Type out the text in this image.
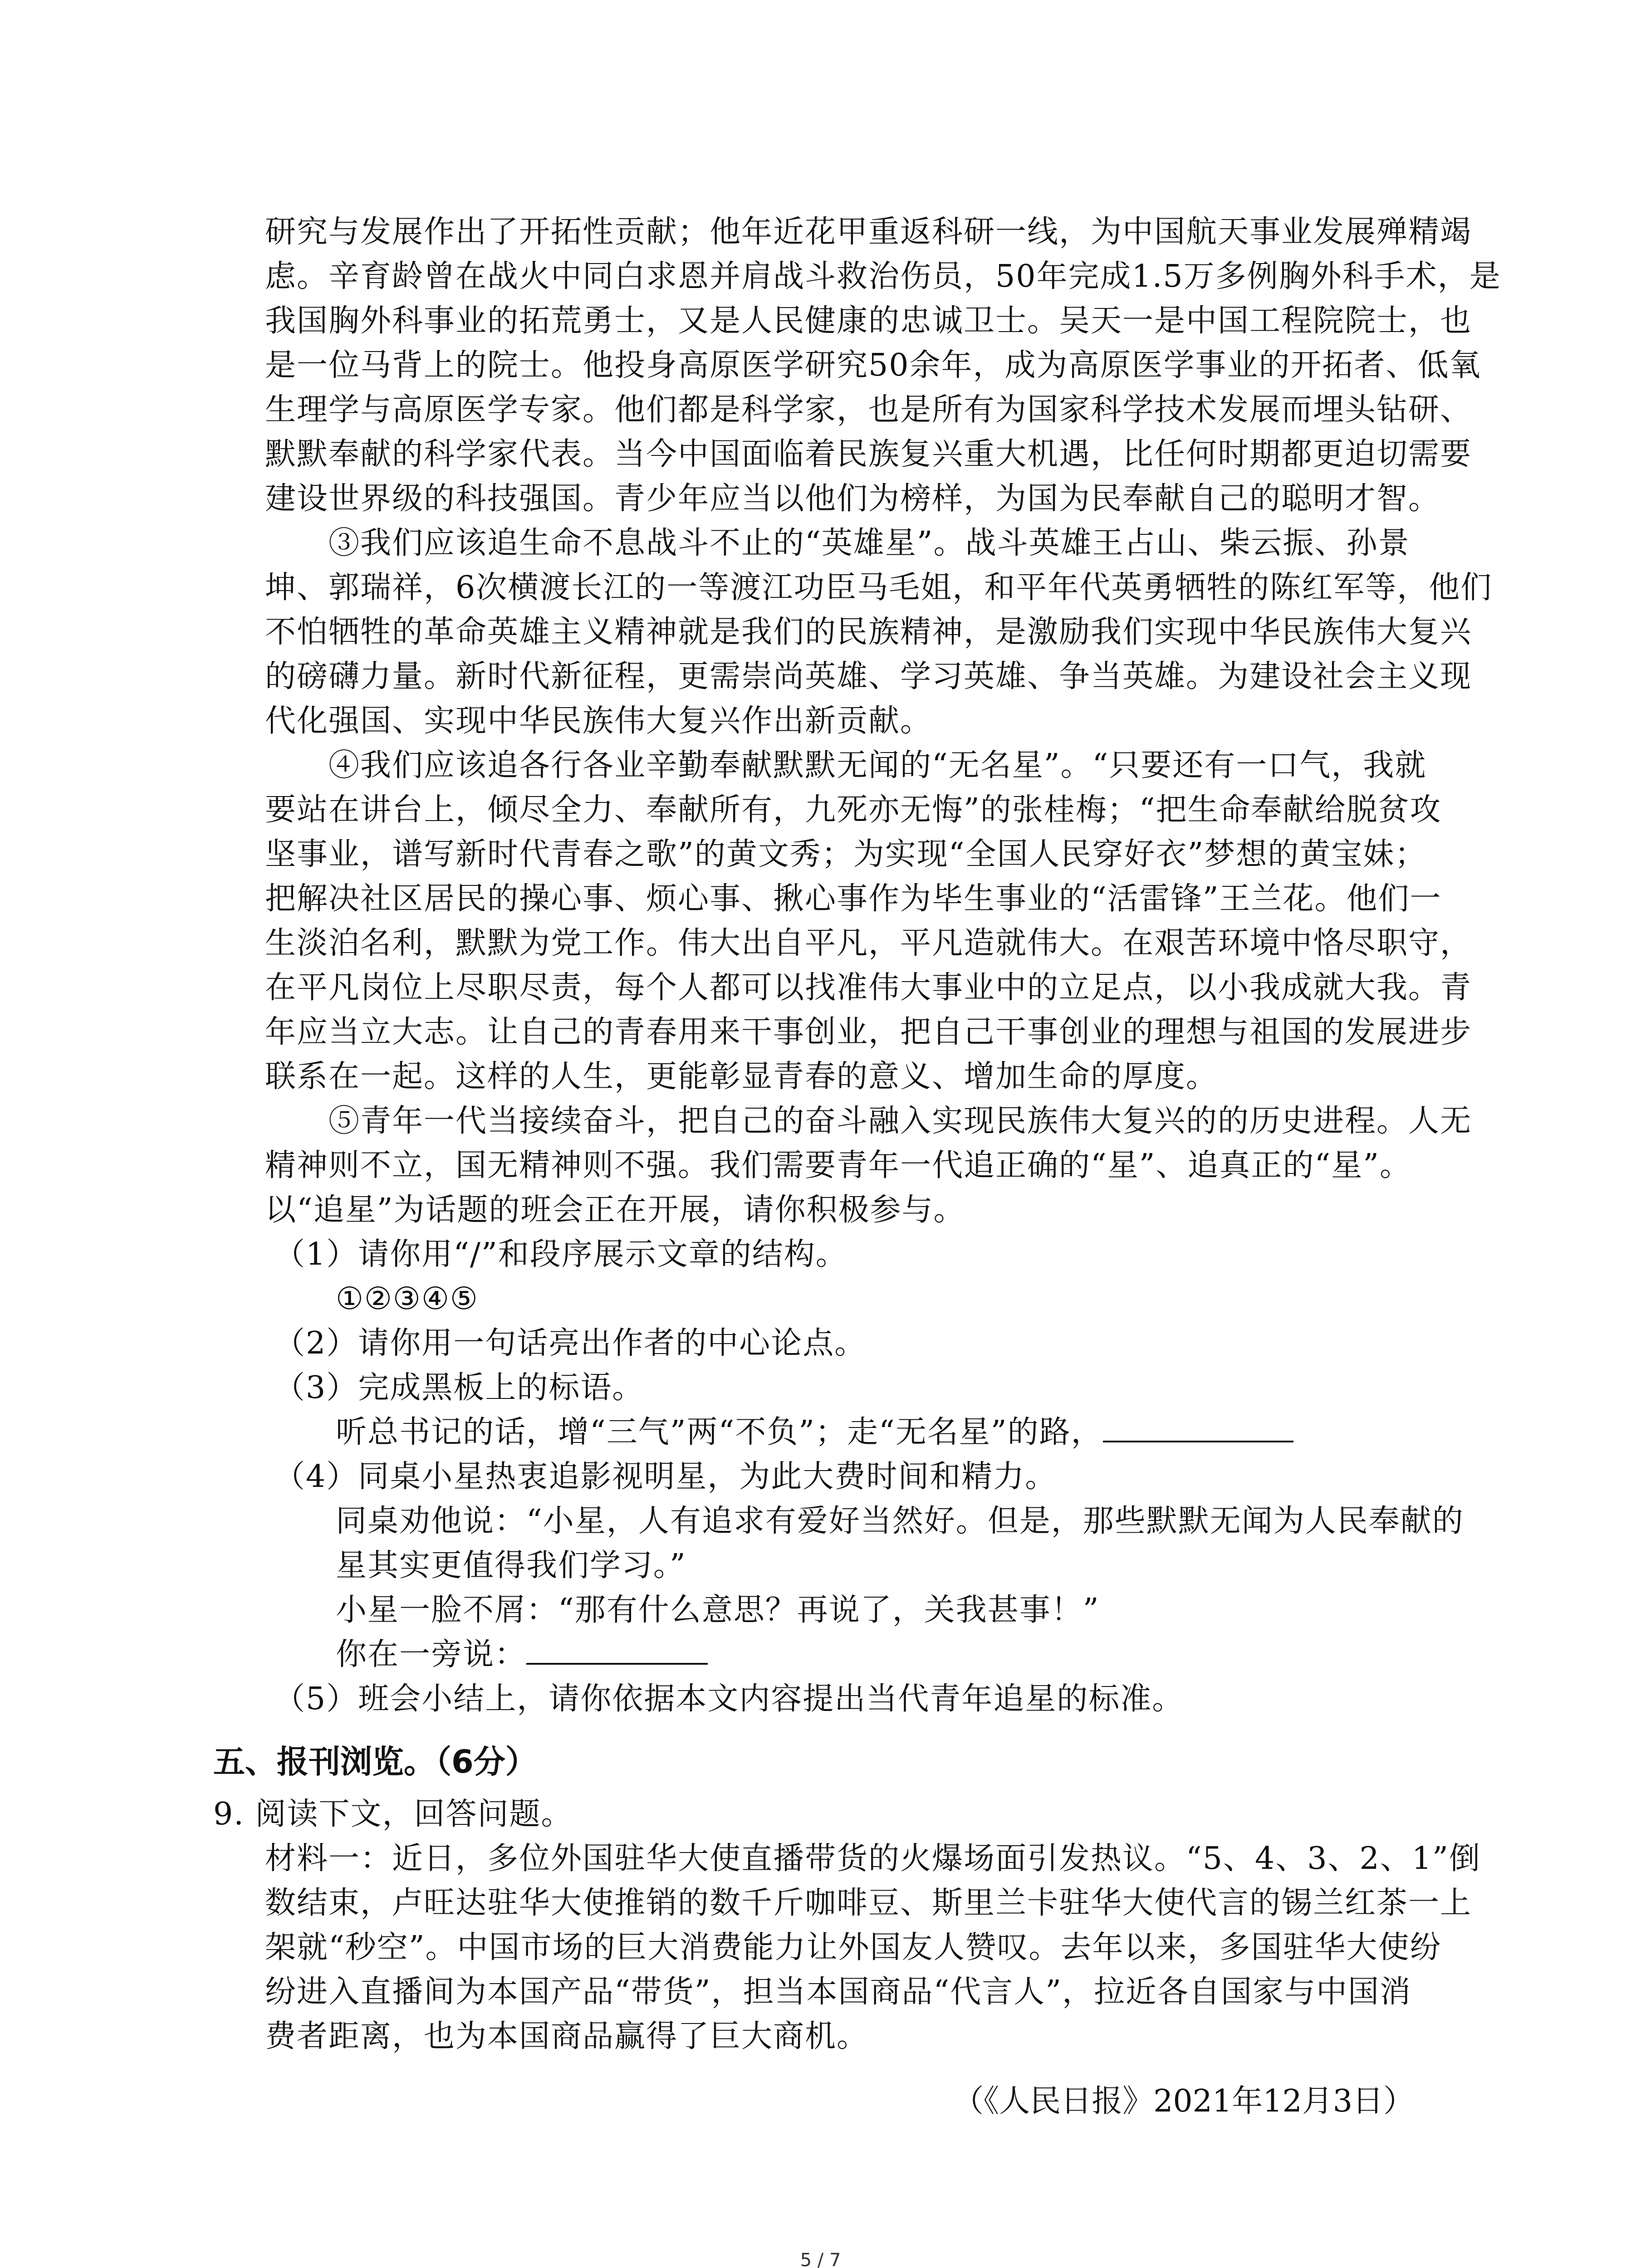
研究与发展作出了开拓性贡献；他年近花甲重返科研一线，为中国航天事业发展殚精竭
虑。辛育龄曾在战火中同白求恩并肩战斗救治伤员，50年完成1.5万多例胸外科手术，是
我国胸外科事业的拓荒勇士，又是人民健康的忠诚卫士。吴天一是中国工程院院士，也
是一位马背上的院士。他投身高原医学研究50余年，成为高原医学事业的开拓者、低氧
生理学与高原医学专家。他们都是科学家，也是所有为国家科学技术发展而埋头钻研、
默默奉献的科学家代表。当今中国面临着民族复兴重大机遇，比任何时期都更迫切需要
建设世界级的科技强国。青少年应当以他们为榜样，为国为民奉献自己的聪明才智。
③我们应该追生命不息战斗不止的“英雄星”。战斗英雄王占山、柴云振、孙景
坤、郭瑞祥，6次横渡长江的一等渡江功臣马毛姐，和平年代英勇牺牲的陈红军等，他们
不怕牺牲的革命英雄主义精神就是我们的民族精神，是激励我们实现中华民族伟大复兴
的磅礴力量。新时代新征程，更需崇尚英雄、学习英雄、争当英雄。为建设社会主义现
代化强国、实现中华民族伟大复兴作出新贡献。
④我们应该追各行各业辛勤奉献默默无闻的“无名星”。“只要还有一口气，我就
要站在讲台上，倾尽全力、奉献所有，九死亦无悔”的张桂梅；“把生命奉献给脱贫攻
坚事业，谱写新时代青春之歌”的黄文秀；为实现“全国人民穿好衣”梦想的黄宝妹；
把解决社区居民的操心事、烦心事、揪心事作为毕生事业的“活雷锋”王兰花。他们一
生淡泊名利，默默为党工作。伟大出自平凡，平凡造就伟大。在艰苦环境中恪尽职守，
在平凡岗位上尽职尽责，每个人都可以找准伟大事业中的立足点，以小我成就大我。青
年应当立大志。让自己的青春用来干事创业，把自己干事创业的理想与祖国的发展进步
联系在一起。这样的人生，更能彰显青春的意义、增加生命的厚度。
⑤青年一代当接续奋斗，把自己的奋斗融入实现民族伟大复兴的的历史进程。人无
精神则不立，国无精神则不强。我们需要青年一代追正确的“星”、追真正的“星”。
以“追星”为话题的班会正在开展，请你积极参与。
（1）请你用“/”和段序展示文章的结构。
①②③④⑤
（2）请你用一句话亮出作者的中心论点。
（3）完成黑板上的标语。
听总书记的话，增“三气”两“不负”；走“无名星”的路，
（4）同桌小星热衷追影视明星，为此大费时间和精力。
同桌劝他说：“小星，人有追求有爱好当然好。但是，那些默默无闻为人民奉献的
星其实更值得我们学习。”
小星一脸不屑：“那有什么意思？再说了，关我甚事！”
你在一旁说：
（5）班会小结上，请你依据本文内容提出当代青年追星的标准。
五、报刊浏览。（6分）
9. 阅读下文，回答问题。
材料一：近日，多位外国驻华大使直播带货的火爆场面引发热议。“5、4、3、2、1”倒
数结束，卢旺达驻华大使推销的数千斤咖啡豆、斯里兰卡驻华大使代言的锡兰红茶一上
架就“秒空”。中国市场的巨大消费能力让外国友人赞叹。去年以来，多国驻华大使纷
纷进入直播间为本国产品“带货”，担当本国商品“代言人”，拉近各自国家与中国消
费者距离，也为本国商品赢得了巨大商机。
（《人民日报》2021年12月3日）
5 / 7
